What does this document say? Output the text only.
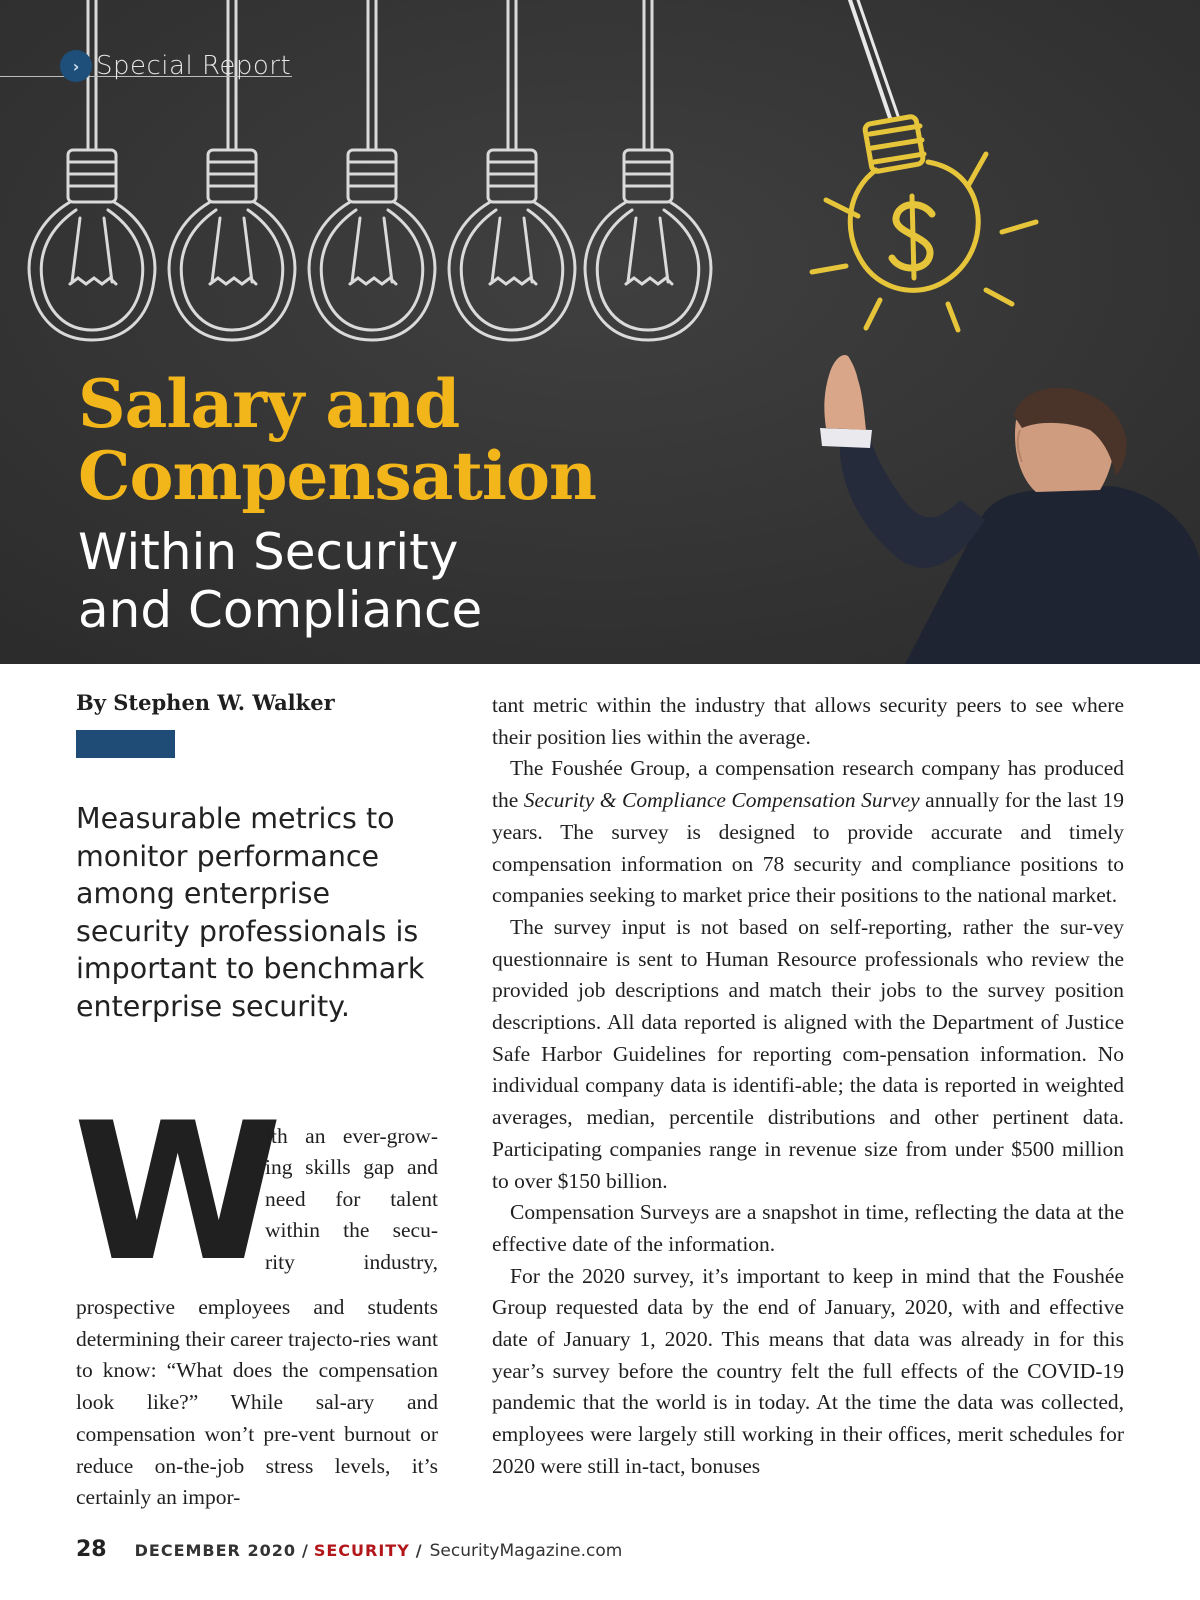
› Special Report
Salary and
Compensation
Within Security
and Compliance
By Stephen W. Walker

Measurable metrics to monitor performance among enterprise security professionals is important to benchmark enterprise security.

W
ith an ever-grow-
ing skills gap and
need for talent
within the secu-
rity industry,

prospective employees and students determining their career trajecto-ries want to know: “What does the compensation look like?” While sal-ary and compensation won’t pre-vent burnout or reduce on-the-job stress levels, it’s certainly an impor-

tant metric within the industry that allows security peers to see where their position lies within the average.

The Foushée Group, a compensation research company has produced the Security & Compliance Compensation Survey annually for the last 19 years. The survey is designed to provide accurate and timely compensation information on 78 security and compliance positions to companies seeking to market price their positions to the national market.

The survey input is not based on self-reporting, rather the sur-vey questionnaire is sent to Human Resource professionals who review the provided job descriptions and match their jobs to the survey position descriptions. All data reported is aligned with the Department of Justice Safe Harbor Guidelines for reporting com-pensation information. No individual company data is identifi-able; the data is reported in weighted averages, median, percentile distributions and other pertinent data. Participating companies range in revenue size from under $500 million to over $150 billion.

Compensation Surveys are a snapshot in time, reflecting the data at the effective date of the information.

For the 2020 survey, it’s important to keep in mind that the Foushée Group requested data by the end of January, 2020, with and effective date of January 1, 2020. This means that data was already in for this year’s survey before the country felt the full effects of the COVID-19 pandemic that the world is in today. At the time the data was collected, employees were largely still working in their offices, merit schedules for 2020 were still in-tact, bonuses

28 DECEMBER 2020 / SECURITY / SecurityMagazine.com
